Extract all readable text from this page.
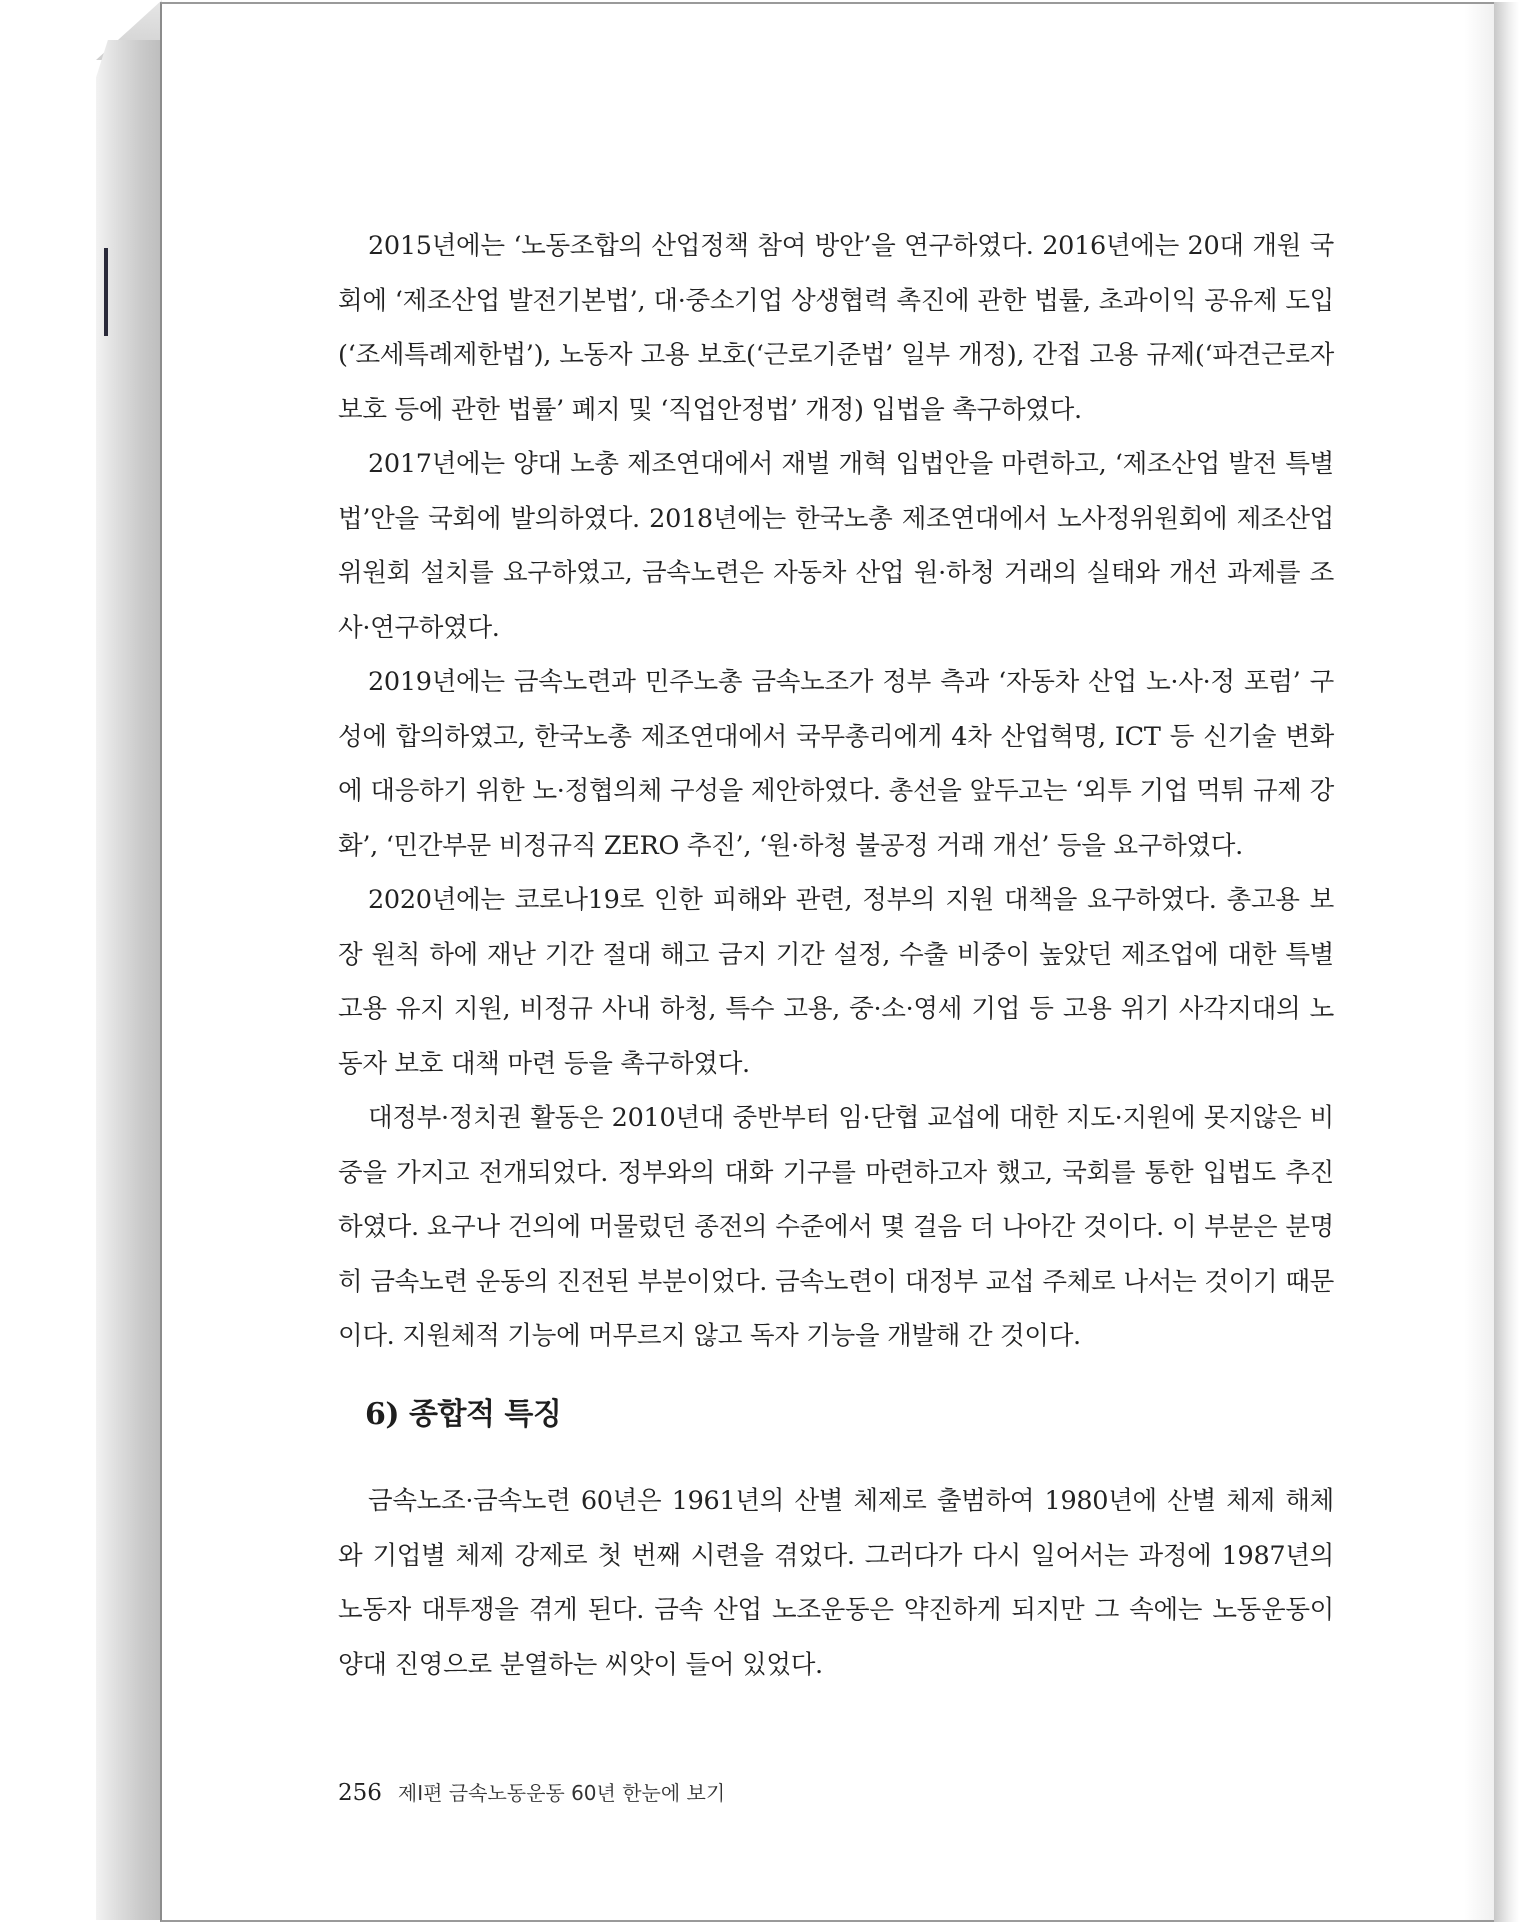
2015년에는 ‘노동조합의 산업정책 참여 방안’을 연구하였다. 2016년에는 20대 개원 국회에 ‘제조산업 발전기본법’, 대·중소기업 상생협력 촉진에 관한 법률, 초과이익 공유제 도입(‘조세특례제한법’), 노동자 고용 보호(‘근로기준법’ 일부 개정), 간접 고용 규제(‘파견근로자 보호 등에 관한 법률’ 폐지 및 ‘직업안정법’ 개정) 입법을 촉구하였다.

2017년에는 양대 노총 제조연대에서 재벌 개혁 입법안을 마련하고, ‘제조산업 발전 특별법’안을 국회에 발의하였다. 2018년에는 한국노총 제조연대에서 노사정위원회에 제조산업위원회 설치를 요구하였고, 금속노련은 자동차 산업 원·하청 거래의 실태와 개선 과제를 조사·연구하였다.

2019년에는 금속노련과 민주노총 금속노조가 정부 측과 ‘자동차 산업 노·사·정 포럼’ 구성에 합의하였고, 한국노총 제조연대에서 국무총리에게 4차 산업혁명, ICT 등 신기술 변화에 대응하기 위한 노·정협의체 구성을 제안하였다. 총선을 앞두고는 ‘외투 기업 먹튀 규제 강화’, ‘민간부문 비정규직 ZERO 추진’, ‘원·하청 불공정 거래 개선’ 등을 요구하였다.

2020년에는 코로나19로 인한 피해와 관련, 정부의 지원 대책을 요구하였다. 총고용 보장 원칙 하에 재난 기간 절대 해고 금지 기간 설정, 수출 비중이 높았던 제조업에 대한 특별 고용 유지 지원, 비정규 사내 하청, 특수 고용, 중·소·영세 기업 등 고용 위기 사각지대의 노동자 보호 대책 마련 등을 촉구하였다.

대정부·정치권 활동은 2010년대 중반부터 임·단협 교섭에 대한 지도·지원에 못지않은 비중을 가지고 전개되었다. 정부와의 대화 기구를 마련하고자 했고, 국회를 통한 입법도 추진하였다. 요구나 건의에 머물렀던 종전의 수준에서 몇 걸음 더 나아간 것이다. 이 부분은 분명히 금속노련 운동의 진전된 부분이었다. 금속노련이 대정부 교섭 주체로 나서는 것이기 때문이다. 지원체적 기능에 머무르지 않고 독자 기능을 개발해 간 것이다.

6) 종합적 특징

금속노조·금속노련 60년은 1961년의 산별 체제로 출범하여 1980년에 산별 체제 해체와 기업별 체제 강제로 첫 번째 시련을 겪었다. 그러다가 다시 일어서는 과정에 1987년의 노동자 대투쟁을 겪게 된다. 금속 산업 노조운동은 약진하게 되지만 그 속에는 노동운동이 양대 진영으로 분열하는 씨앗이 들어 있었다.

256 제Ⅰ편 금속노동운동 60년 한눈에 보기
